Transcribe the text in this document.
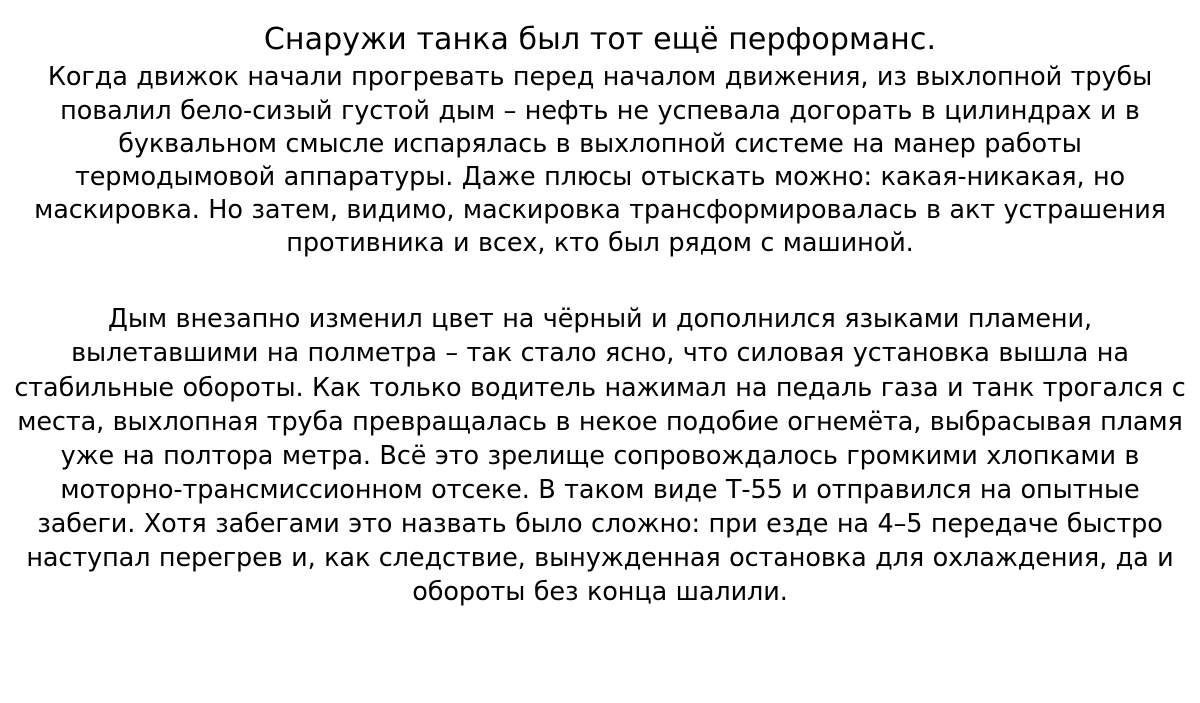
Снаружи танка был тот ещё перформанс.

Когда движок начали прогревать перед началом движения, из выхлопной трубы повалил бело-сизый густой дым – нефть не успевала догорать в цилиндрах и в буквальном смысле испарялась в выхлопной системе на манер работы термодымовой аппаратуры. Даже плюсы отыскать можно: какая-никакая, но маскировка. Но затем, видимо, маскировка трансформировалась в акт устрашения противника и всех, кто был рядом с машиной.

Дым внезапно изменил цвет на чёрный и дополнился языками пламени, вылетавшими на полметра – так стало ясно, что силовая установка вышла на стабильные обороты. Как только водитель нажимал на педаль газа и танк трогался с места, выхлопная труба превращалась в некое подобие огнемёта, выбрасывая пламя уже на полтора метра. Всё это зрелище сопровождалось громкими хлопками в моторно-трансмиссионном отсеке. В таком виде Т-55 и отправился на опытные забеги. Хотя забегами это назвать было сложно: при езде на 4–5 передаче быстро наступал перегрев и, как следствие, вынужденная остановка для охлаждения, да и обороты без конца шалили.
